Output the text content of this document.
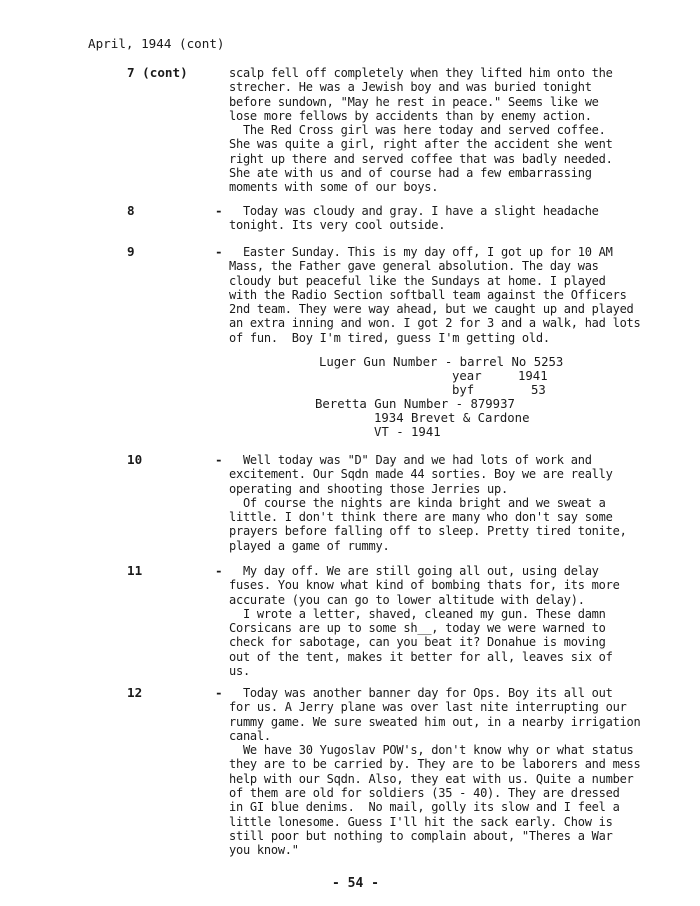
April, 1944 (cont)
7 (cont)	scalp fell off completely when they lifted him onto the
strecher. He was a Jewish boy and was buried tonight
before sundown, "May he rest in peace." Seems like we
lose more fellows by accidents than by enemy action.
The Red Cross girl was here today and served coffee.
She was quite a girl, right after the accident she went
right up there and served coffee that was badly needed.
She ate with us and of course had a few embarrassing
moments with some of our boys.
8	- Today was cloudy and gray. I have a slight headache
tonight. Its very cool outside.
9	- Easter Sunday. This is my day off, I got up for 10 AM
Mass, the Father gave general absolution. The day was
cloudy but peaceful like the Sundays at home. I played
with the Radio Section softball team against the Officers
2nd team. They were way ahead, but we caught up and played
an extra inning and won. I got 2 for 3 and a walk, had lots
of fun.  Boy I'm tired, guess I'm getting old.
Luger Gun Number - barrel No 5253
year	1941
byf	53
Beretta Gun Number - 879937
1934 Brevet & Cardone
VT - 1941
10	- Well today was "D" Day and we had lots of work and
excitement. Our Sqdn made 44 sorties. Boy we are really
operating and shooting those Jerries up.
Of course the nights are kinda bright and we sweat a
little. I don't think there are many who don't say some
prayers before falling off to sleep. Pretty tired tonite,
played a game of rummy.
11	- My day off. We are still going all out, using delay
fuses. You know what kind of bombing thats for, its more
accurate (you can go to lower altitude with delay).
I wrote a letter, shaved, cleaned my gun. These damn
Corsicans are up to some sh__, today we were warned to
check for sabotage, can you beat it? Donahue is moving
out of the tent, makes it better for all, leaves six of
us.
12	- Today was another banner day for Ops. Boy its all out
for us. A Jerry plane was over last nite interrupting our
rummy game. We sure sweated him out, in a nearby irrigation
canal.
We have 30 Yugoslav POW's, don't know why or what status
they are to be carried by. They are to be laborers and mess
help with our Sqdn. Also, they eat with us. Quite a number
of them are old for soldiers (35 - 40). They are dressed
in GI blue denims.  No mail, golly its slow and I feel a
little lonesome. Guess I'll hit the sack early. Chow is
still poor but nothing to complain about, "Theres a War
you know."
- 54 -
